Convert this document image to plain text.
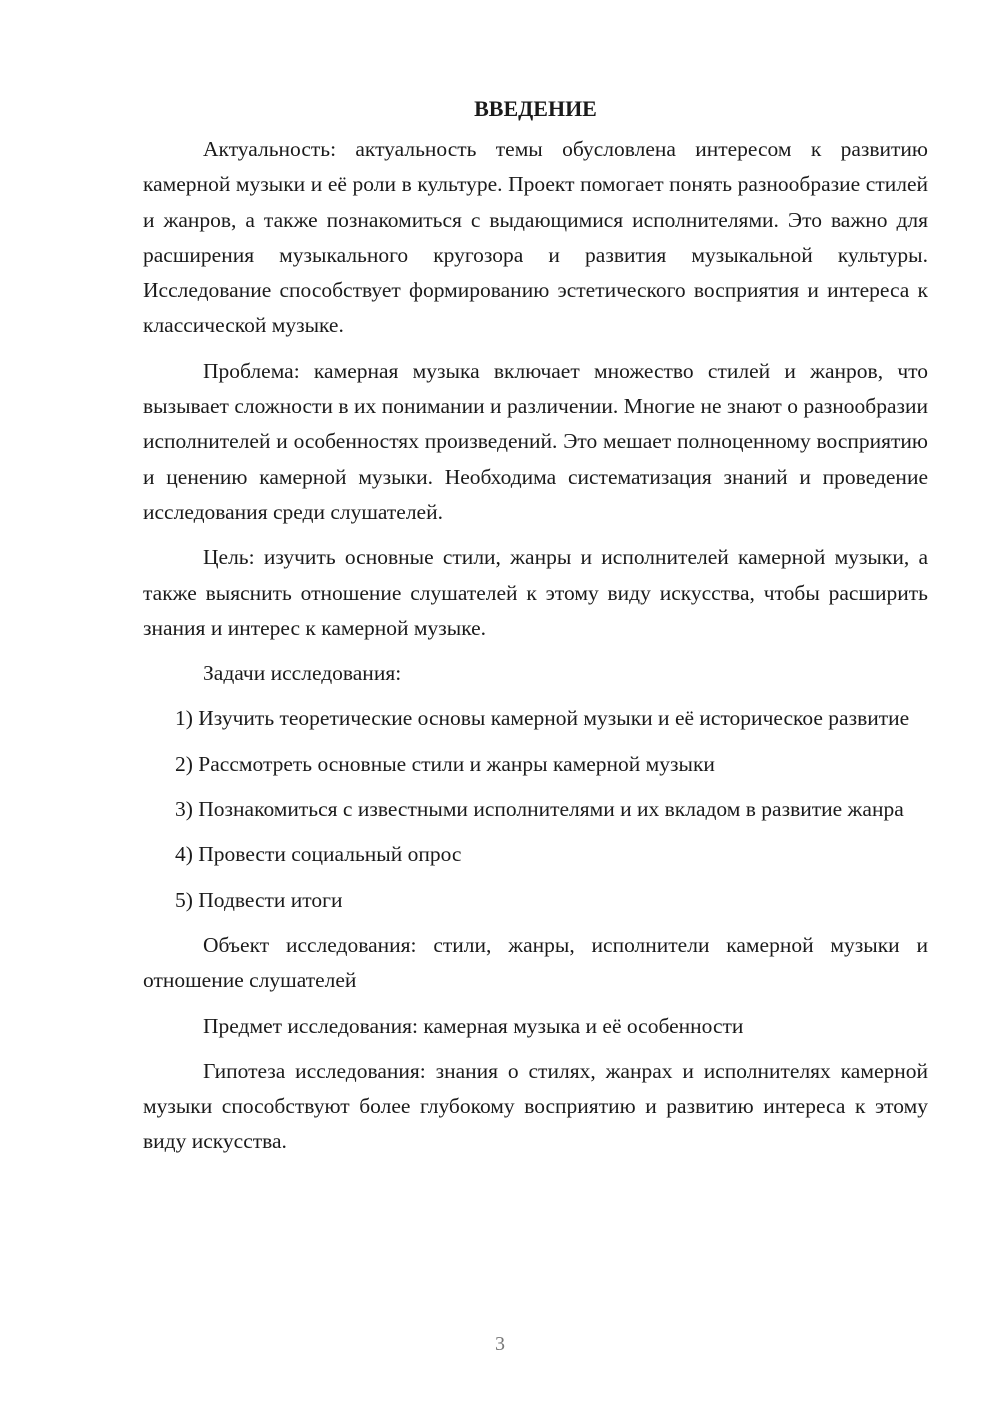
ВВЕДЕНИЕ

Актуальность: актуальность темы обусловлена интересом к развитию камерной музыки и её роли в культуре. Проект помогает понять разнообразие стилей и жанров, а также познакомиться с выдающимися исполнителями. Это важно для расширения музыкального кругозора и развития музыкальной культуры. Исследование способствует формированию эстетического восприятия и интереса к классической музыке.

Проблема: камерная музыка включает множество стилей и жанров, что вызывает сложности в их понимании и различении. Многие не знают о разнообразии исполнителей и особенностях произведений. Это мешает полноценному восприятию и ценению камерной музыки. Необходима систематизация знаний и проведение исследования среди слушателей.

Цель: изучить основные стили, жанры и исполнителей камерной музыки, а также выяснить отношение слушателей к этому виду искусства, чтобы расширить знания и интерес к камерной музыке.

Задачи исследования:

1) Изучить теоретические основы камерной музыки и её историческое развитие

2) Рассмотреть основные стили и жанры камерной музыки

3) Познакомиться с известными исполнителями и их вкладом в развитие жанра

4) Провести социальный опрос

5) Подвести итоги

Объект исследования: стили, жанры, исполнители камерной музыки и отношение слушателей

Предмет исследования: камерная музыка и её особенности

Гипотеза исследования: знания о стилях, жанрах и исполнителях камерной музыки способствуют более глубокому восприятию и развитию интереса к этому виду искусства.

3
